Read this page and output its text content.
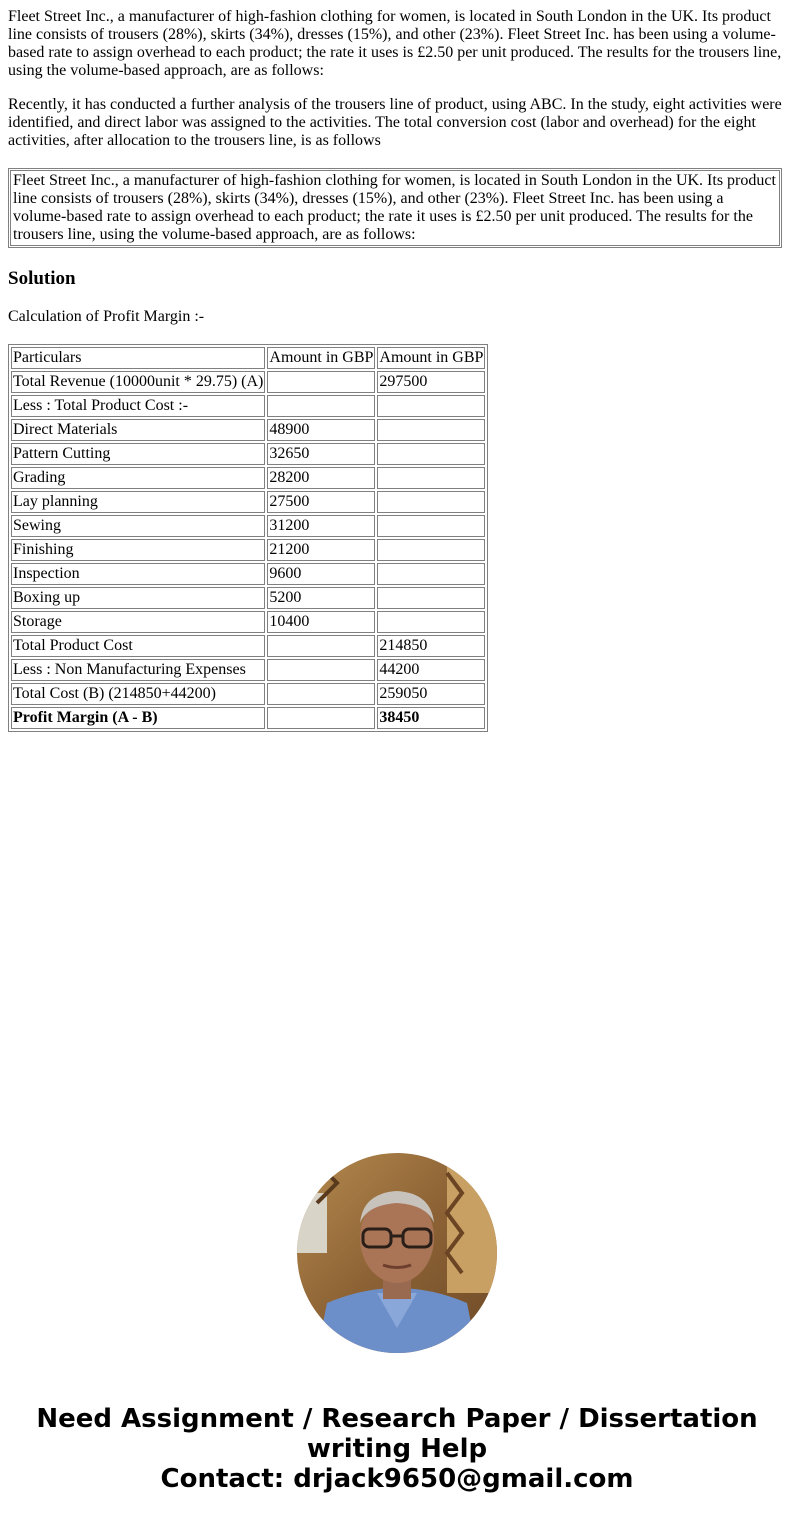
Fleet Street Inc., a manufacturer of high-fashion clothing for women, is located in South London in the UK. Its product line consists of trousers (28%), skirts (34%), dresses (15%), and other (23%). Fleet Street Inc. has been using a volume-based rate to assign overhead to each product; the rate it uses is £2.50 per unit produced. The results for the trousers line, using the volume-based approach, are as follows:

Recently, it has conducted a further analysis of the trousers line of product, using ABC. In the study, eight activities were identified, and direct labor was assigned to the activities. The total conversion cost (labor and overhead) for the eight activities, after allocation to the trousers line, is as follows

Fleet Street Inc., a manufacturer of high-fashion clothing for women, is located in South London in the UK. Its product line consists of trousers (28%), skirts (34%), dresses (15%), and other (23%). Fleet Street Inc. has been using a volume-based rate to assign overhead to each product; the rate it uses is £2.50 per unit produced. The results for the trousers line, using the volume-based approach, are as follows:
Solution

Calculation of Profit Margin :-

Particulars	Amount in GBP	Amount in GBP
Total Revenue (10000unit * 29.75) (A)		297500
Less : Total Product Cost :-		
Direct Materials	48900	
Pattern Cutting	32650	
Grading	28200	
Lay planning	27500	
Sewing	31200	
Finishing	21200	
Inspection	9600	
Boxing up	5200	
Storage	10400	
Total Product Cost		214850
Less : Non Manufacturing Expenses		44200
Total Cost (B) (214850+44200)		259050
Profit Margin (A - B)		38450
Need Assignment / Research Paper / Dissertation
writing Help
Contact: drjack9650@gmail.com
